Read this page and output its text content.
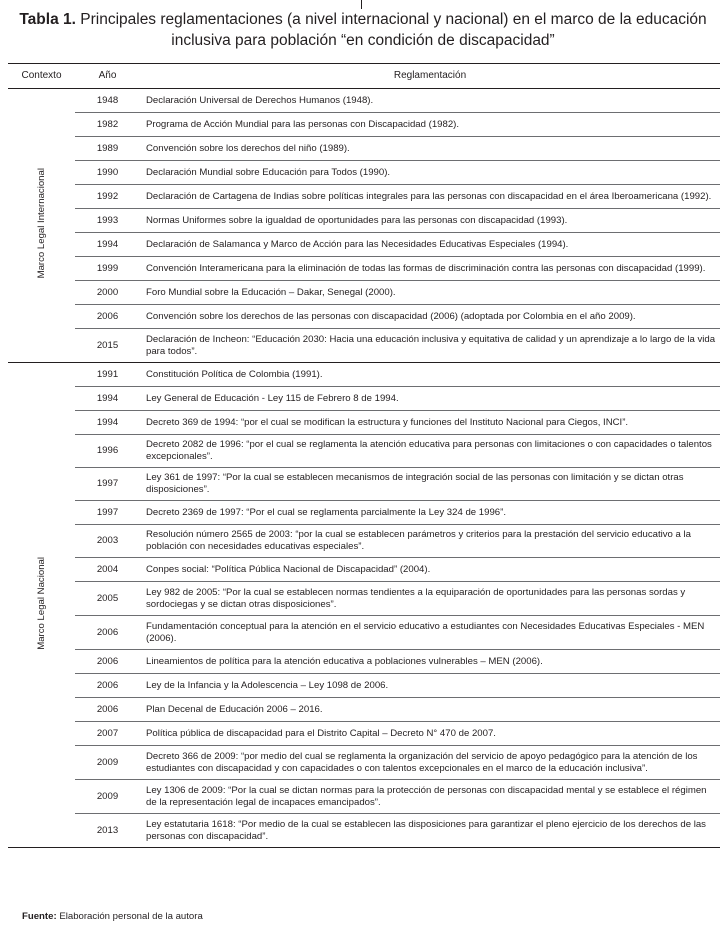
Tabla 1. Principales reglamentaciones (a nivel internacional y nacional) en el marco de la educación
inclusiva para población “en condición de discapacidad”
Contexto	Año	Reglamentación
Marco Legal Internacional	1948	Declaración Universal de Derechos Humanos (1948).
	1982	Programa de Acción Mundial para las personas con Discapacidad (1982).
	1989	Convención sobre los derechos del niño (1989).
	1990	Declaración Mundial sobre Educación para Todos (1990).
	1992	Declaración de Cartagena de Indias sobre políticas integrales para las personas con discapacidad en el área Iberoamericana (1992).
	1993	Normas Uniformes sobre la igualdad de oportunidades para las personas con discapacidad (1993).
	1994	Declaración de Salamanca y Marco de Acción para las Necesidades Educativas Especiales (1994).
	1999	Convención Interamericana para la eliminación de todas las formas de discriminación contra las personas con discapacidad (1999).
	2000	Foro Mundial sobre la Educación – Dakar, Senegal (2000).
	2006	Convención sobre los derechos de las personas con discapacidad (2006) (adoptada por Colombia en el año 2009).
	2015	Declaración de Incheon: “Educación 2030: Hacia una educación inclusiva y equitativa de calidad y un aprendizaje a lo largo de la vida para todos”.
Marco Legal Nacional	1991	Constitución Política de Colombia (1991).
	1994	Ley General de Educación - Ley 115 de Febrero 8 de 1994.
	1994	Decreto 369 de 1994: “por el cual se modifican la estructura y funciones del Instituto Nacional para Ciegos, INCI”.
	1996	Decreto 2082 de 1996: “por el cual se reglamenta la atención educativa para personas con limitaciones o con capacidades o talentos excepcionales”.
	1997	Ley 361 de 1997: “Por la cual se establecen mecanismos de integración social de las personas con limitación y se dictan otras disposiciones”.
	1997	Decreto 2369 de 1997: “Por el cual se reglamenta parcialmente la Ley 324 de 1996”.
	2003	Resolución número 2565 de 2003: “por la cual se establecen parámetros y criterios para la prestación del servicio educativo a la población con necesidades educativas especiales”.
	2004	Conpes social: “Política Pública Nacional de Discapacidad” (2004).
	2005	Ley 982 de 2005: “Por la cual se establecen normas tendientes a la equiparación de oportunidades para las personas sordas y sordociegas y se dictan otras disposiciones”.
	2006	Fundamentación conceptual para la atención en el servicio educativo a estudiantes con Necesidades Educativas Especiales - MEN (2006).
	2006	Lineamientos de política para la atención educativa a poblaciones vulnerables – MEN (2006).
	2006	Ley de la Infancia y la Adolescencia – Ley 1098 de 2006.
	2006	Plan Decenal de Educación 2006 – 2016.
	2007	Política pública de discapacidad para el Distrito Capital – Decreto N° 470 de 2007.
	2009	Decreto 366 de 2009: “por medio del cual se reglamenta la organización del servicio de apoyo pedagógico para la atención de los estudiantes con discapacidad y con capacidades o con talentos excepcionales en el marco de la educación inclusiva”.
	2009	Ley 1306 de 2009: “Por la cual se dictan normas para la protección de personas con discapacidad mental y se establece el régimen de la representación legal de incapaces emancipados”.
	2013	Ley estatutaria 1618: “Por medio de la cual se establecen las disposiciones para garantizar el pleno ejercicio de los derechos de las personas con discapacidad”.
Fuente: Elaboración personal de la autora
